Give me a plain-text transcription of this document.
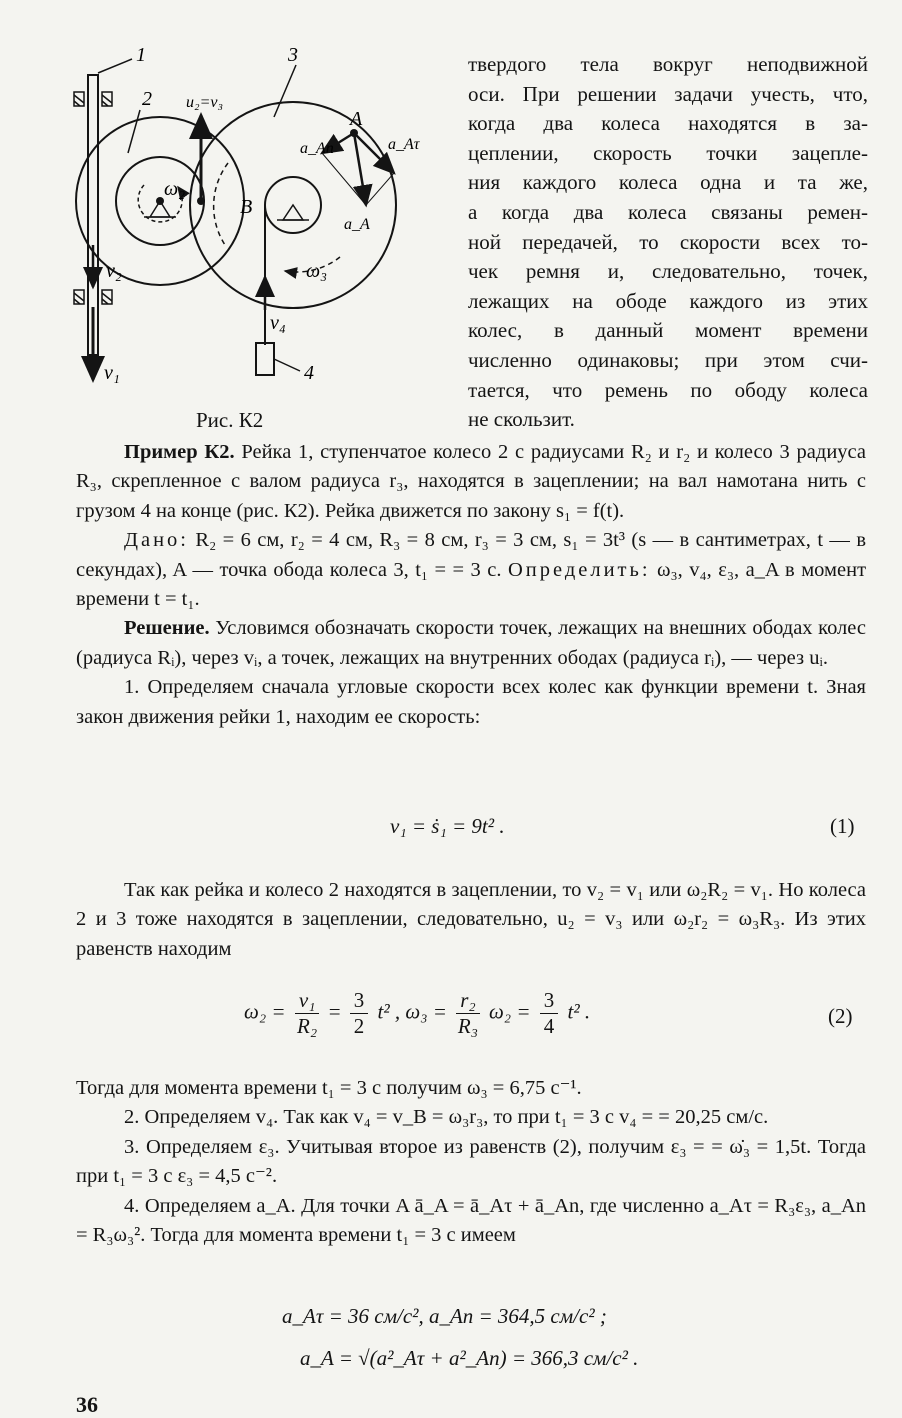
1
2
3
4
A
B
v₂
v₁
v₄
u₂=v₃
ω₂
ω₃
a_An	a_Aτ
a_A
Рис. К2
твердого тела вокруг неподвижной
оси. При решении задачи учесть, что,
когда два колеса находятся в за-
цеплении, скорость точки зацепле-
ния каждого колеса одна и та же,
а когда два колеса связаны ремен-
ной передачей, то скорости всех то-
чек ремня и, следовательно, точек,
лежащих на ободе каждого из этих
колес, в данный момент времени
численно одинаковы; при этом счи-
тается, что ремень по ободу колеса
не скользит.

Пример К2. Рейка 1, ступенчатое колесо 2 с радиусами R₂ и r₂ и колесо 3 радиуса R₃, скрепленное с валом радиуса r₃, находятся в зацеплении; на вал намотана нить с грузом 4 на конце (рис. К2). Рейка движется по закону s₁ = f(t).

Дано: R₂ = 6 см, r₂ = 4 см, R₃ = 8 см, r₃ = 3 см, s₁ = 3t³ (s — в сантиметрах, t — в секундах), A — точка обода колеса 3, t₁ = = 3 с. Определить: ω₃, v₄, ε₃, a_A в момент времени t = t₁.

Решение. Условимся обозначать скорости точек, лежащих на внешних ободах колес (радиуса Rᵢ), через vᵢ, а точек, лежащих на внутренних ободах (радиуса rᵢ), — через uᵢ.

1. Определяем сначала угловые скорости всех колес как функции времени t. Зная закон движения рейки 1, находим ее скорость:

v₁ = ṡ₁ = 9t² .	(1)

Так как рейка и колесо 2 находятся в зацеплении, то v₂ = v₁ или ω₂R₂ = v₁. Но колеса 2 и 3 тоже находятся в зацеплении, следовательно, u₂ = v₃ или ω₂r₂ = ω₃R₃. Из этих равенств находим

$\omega_2 = \frac{\text{v₁}}{\text{R₂}} = \frac{3}{2} t^2$ , $\omega_3 = \frac{\text{r₂}}{\text{R₃}} \omega_2 = \frac{3}{4} t^2$ .	(2)

Тогда для момента времени t₁ = 3 с получим ω₃ = 6,75 с⁻¹.

2. Определяем v₄. Так как v₄ = v_B = ω₃r₃, то при t₁ = 3 с v₄ = = 20,25 см/с.

3. Определяем ε₃. Учитывая второе из равенств (2), получим ε₃ = = ω̇₃ = 1,5t. Тогда при t₁ = 3 с ε₃ = 4,5 с⁻².

4. Определяем a_A. Для точки A ā_A = ā_Aτ + ā_An, где численно a_Aτ = R₃ε₃, a_An = R₃ω₃². Тогда для момента времени t₁ = 3 с имеем

a_Aτ = 36 см/с², a_An = 364,5 см/с² ;
a_A = √(a²_Aτ + a²_An) = 366,3 см/с² .
36
